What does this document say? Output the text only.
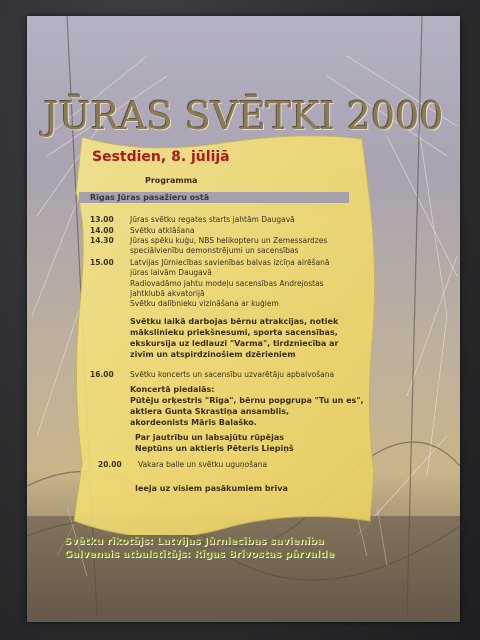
JŪRAS SVĒTKI 2000
Sestdien, 8. jūlijā
Programma
Rīgas Jūras pasažieru ostā
13.00	Jūras svētku regates starts jahtām Daugavā
14.00	Svētku atklāšana
14.30	Jūras spēku kuģu, NBS helikopteru un Zemessardzes
speciālvienību demonstrējumi un sacensības
15.00	Latvijas Jūrniecības savienības balvas izcīņa airēšanā
jūras laivām Daugavā
Radiovadāmo jahtu modeļu sacensības Andrejostas
jahtklubā akvatorijā
Svētku dalībnieku vizināšana ar kuģiem
Svētku laikā darbojas bērnu atrakcijas, notiek
mākslinieku priekšnesumi, sporta sacensības,
ekskursija uz ledlauzi "Varma", tirdzniecība ar
zivīm un atspirdzinošiem dzērieniem
16.00	Svētku koncerts un sacensību uzvarētāju apbalvošana
Koncertā piedalās:
Pūtēju orķestris "Rīga", bērnu popgrupa "Tu un es",
aktiera Gunta Skrastiņa ansamblis,
akordeonists Māris Balaško.
Par jautrību un labsajūtu rūpējas
Neptūns un aktieris Pēteris Liepiņš
20.00	Vakara balle un svētku uguņošana
Ieeja uz visiem pasākumiem brīva
Svētku rīkotājs: Latvijas Jūrniecības savienība
Galvenais atbalstītājs: Rīgas Brīvostas pārvalde
